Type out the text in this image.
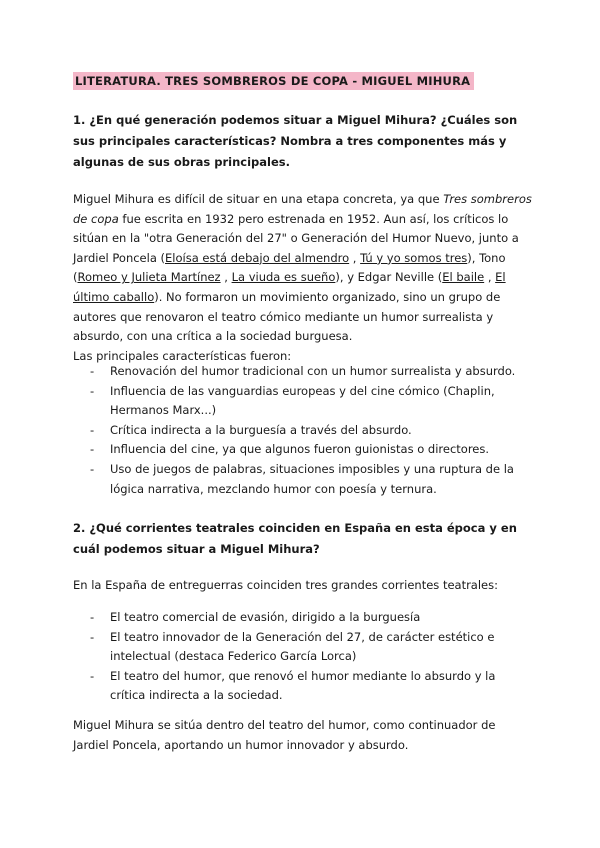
LITERATURA. TRES SOMBREROS DE COPA - MIGUEL MIHURA
1. ¿En qué generación podemos situar a Miguel Mihura? ¿Cuáles son sus principales características? Nombra a tres componentes más y algunas de sus obras principales.
Miguel Mihura es difícil de situar en una etapa concreta, ya que Tres sombreros de copa fue escrita en 1932 pero estrenada en 1952. Aun así, los críticos lo sitúan en la "otra Generación del 27" o Generación del Humor Nuevo, junto a Jardiel Poncela (Eloísa está debajo del almendro , Tú y yo somos tres), Tono (Romeo y Julieta Martínez , La viuda es sueño), y Edgar Neville (El baile , El último caballo). No formaron un movimiento organizado, sino un grupo de autores que renovaron el teatro cómico mediante un humor surrealista y absurdo, con una crítica a la sociedad burguesa.
Las principales características fueron:
- Renovación del humor tradicional con un humor surrealista y absurdo.
- Influencia de las vanguardias europeas y del cine cómico (Chaplin, Hermanos Marx...)
- Crítica indirecta a la burguesía a través del absurdo.
- Influencia del cine, ya que algunos fueron guionistas o directores.
- Uso de juegos de palabras, situaciones imposibles y una ruptura de la lógica narrativa, mezclando humor con poesía y ternura.
2. ¿Qué corrientes teatrales coinciden en España en esta época y en cuál podemos situar a Miguel Mihura?
En la España de entreguerras coinciden tres grandes corrientes teatrales:
- El teatro comercial de evasión, dirigido a la burguesía
- El teatro innovador de la Generación del 27, de carácter estético e intelectual (destaca Federico García Lorca)
- El teatro del humor, que renovó el humor mediante lo absurdo y la crítica indirecta a la sociedad.
Miguel Mihura se sitúa dentro del teatro del humor, como continuador de Jardiel Poncela, aportando un humor innovador y absurdo.
